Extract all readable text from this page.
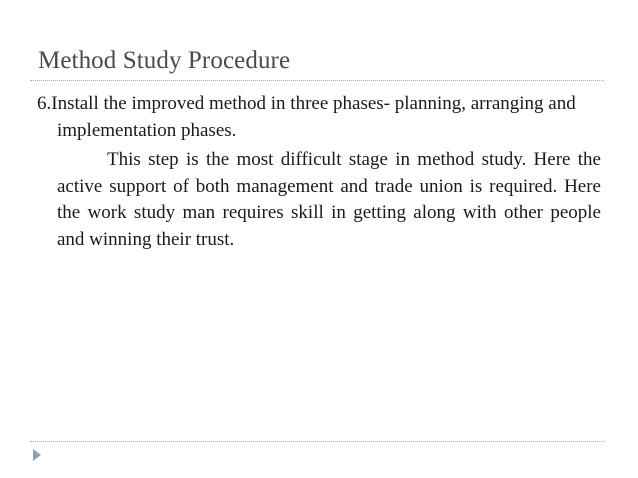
Method Study Procedure

6.Install the improved method in three phases- planning, arranging and implementation phases.

This step is the most difficult stage in method study. Here the active support of both management and trade union is required. Here the work study man requires skill in getting along with other people and winning their trust.
